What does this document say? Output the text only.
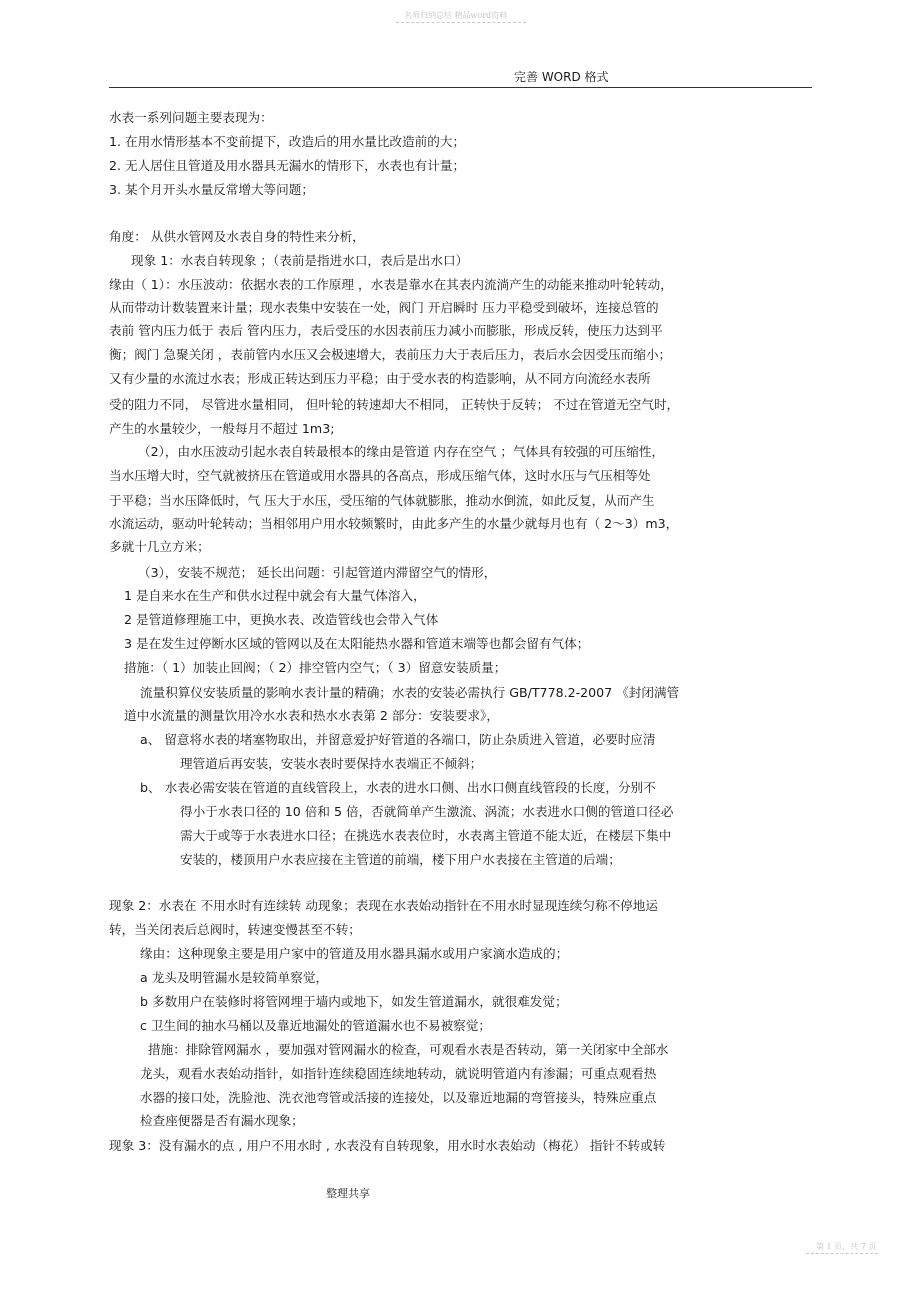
名师归纳总结 精品word资料
完善 WORD 格式
水表一系列问题主要表现为：
1. 在用水情形基本不变前提下，改造后的用水量比改造前的大；
2. 无人居住且管道及用水器具无漏水的情形下，水表也有计量；
3. 某个月开头水量反常增大等问题；
角度： 从供水管网及水表自身的特性来分析，
现象 1：水表自转现象 ；（表前是指进水口，表后是出水口）
缘由（ 1）：水压波动：依据水表的工作原理 ，水表是靠水在其表内流淌产生的动能来推动叶轮转动，
从而带动计数装置来计量；现水表集中安装在一处，阀门 开启瞬时 压力平稳受到破坏，连接总管的
表前 管内压力低于 表后 管内压力，表后受压的水因表前压力减小而膨胀，形成反转，使压力达到平
衡；阀门 急聚关闭 ，表前管内水压又会极速增大，表前压力大于表后压力，表后水会因受压而缩小；
又有少量的水流过水表；形成正转达到压力平稳；由于受水表的构造影响，从不同方向流经水表所
受的阻力不同， 尽管进水量相同， 但叶轮的转速却大不相同， 正转快于反转； 不过在管道无空气时，
产生的水量较少，一般每月不超过 1m3;
（2），由水压波动引起水表自转最根本的缘由是管道 内存在空气 ；气体具有较强的可压缩性，
当水压增大时，空气就被挤压在管道或用水器具的各高点，形成压缩气体，这时水压与气压相等处
于平稳；当水压降低时，气 压大于水压，受压缩的气体就膨胀，推动水倒流，如此反复，从而产生
水流运动，驱动叶轮转动；当相邻用户用水较频繁时，由此多产生的水量少就每月也有（ 2～3）m3，
多就十几立方米；
（3），安装不规范； 延长出问题：引起管道内滞留空气的情形，
1 是自来水在生产和供水过程中就会有大量气体溶入，
2 是管道修理施工中，更换水表、改造管线也会带入气体
3 是在发生过停断水区域的管网以及在太阳能热水器和管道末端等也都会留有气体；
措施：（ 1）加装止回阀；（ 2）排空管内空气；（ 3）留意安装质量；
流量积算仪安装质量的影响水表计量的精确；水表的安装必需执行 GB/T778.2-2007 《封闭满管
道中水流量的测量饮用冷水水表和热水水表第 2 部分：安装要求》，
a、 留意将水表的堵塞物取出，并留意爱护好管道的各端口，防止杂质进入管道，必要时应清
理管道后再安装，安装水表时要保持水表端正不倾斜；
b、 水表必需安装在管道的直线管段上，水表的进水口侧、出水口侧直线管段的长度，分别不
得小于水表口径的 10 倍和 5 倍，否就简单产生激流、涡流；水表进水口侧的管道口径必
需大于或等于水表进水口径；在挑选水表表位时，水表离主管道不能太近，在楼层下集中
安装的，楼顶用户水表应接在主管道的前端，楼下用户水表接在主管道的后端；
现象 2：水表在 不用水时有连续转 动现象；表现在水表始动指针在不用水时显现连续匀称不停地运
转，当关闭表后总阀时，转速变慢甚至不转；
缘由：这种现象主要是用户家中的管道及用水器具漏水或用户家滴水造成的；
a 龙头及明管漏水是较简单察觉，
b 多数用户在装修时将管网埋于墙内或地下，如发生管道漏水，就很难发觉；
c 卫生间的抽水马桶以及靠近地漏处的管道漏水也不易被察觉；
措施：排除管网漏水 ，要加强对管网漏水的检查，可观看水表是否转动，第一关闭家中全部水
龙头，观看水表始动指针，如指针连续稳固连续地转动，就说明管道内有渗漏；可重点观看热
水器的接口处，洗脸池、洗衣池弯管或活接的连接处，以及靠近地漏的弯管接头，特殊应重点
检查座便器是否有漏水现象；
现象 3：没有漏水的点 , 用户不用水时 , 水表没有自转现象，用水时水表始动（梅花） 指针不转或转
整理共享
第 1 页，共 7 页
